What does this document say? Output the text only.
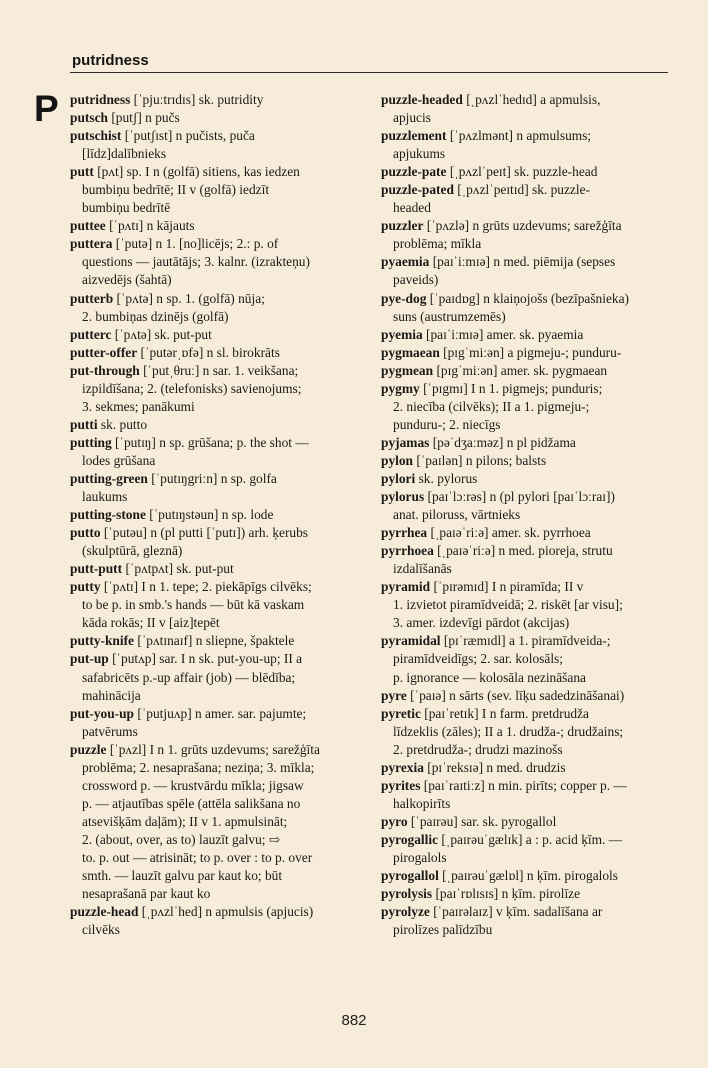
putridness
P putridness [ˈpjuːtrɪdɪs] sk. putridity

putsch [putʃ] n pučs

putschist [ˈputʃɪst] n pučists, puča
[līdz]dalībnieks

putt [pʌt] sp. I n (golfā) sitiens, kas iedzen
bumbiņu bedrītē; II v (golfā) iedzīt
bumbiņu bedrītē

puttee [ˈpʌtɪ] n kājauts

puttera [ˈputə] n 1. [no]licējs; 2.: p. of
questions — jautātājs; 3. kalnr. (izrakteņu)
aizvedējs (šahtā)

putterb [ˈpʌtə] n sp. 1. (golfā) nūja;
2. bumbiņas dzinējs (golfā)

putterc [ˈpʌtə] sk. put-put

putter-offer [ˈputərˌɒfə] n sl. birokrāts

put-through [ˈputˌθruː] n sar. 1. veikšana;
izpildīšana; 2. (telefonisks) savienojums;
3. sekmes; panākumi

putti sk. putto

putting [ˈputɪŋ] n sp. grūšana; p. the shot —
lodes grūšana

putting-green [ˈputɪŋgriːn] n sp. golfa
laukums

putting-stone [ˈputɪŋstəun] n sp. lode

putto [ˈputəu] n (pl putti [ˈputɪ]) arh. ķerubs
(skulptūrā, gleznā)

putt-putt [ˈpʌtpʌt] sk. put-put

putty [ˈpʌtɪ] I n 1. tepe; 2. piekāpīgs cilvēks;
to be p. in smb.'s hands — būt kā vaskam
kāda rokās; II v [aiz]tepēt

putty-knife [ˈpʌtɪnaɪf] n sliepne, špaktele

put-up [ˈputʌp] sar. I n sk. put-you-up; II a
safabricēts p.-up affair (job) — blēdība;
mahinācija

put-you-up [ˈputjuʌp] n amer. sar. pajumte;
patvērums

puzzle [ˈpʌzl] I n 1. grūts uzdevums; sarežģīta
problēma; 2. nesaprašana; neziņa; 3. mīkla;
crossword p. — krustvārdu mīkla; jigsaw
p. — atjautības spēle (attēla salikšana no
atsevišķām daļām); II v 1. apmulsināt;
2. (about, over, as to) lauzīt galvu; ⇨
to. p. out — atrisināt; to p. over : to p. over
smth. — lauzīt galvu par kaut ko; būt
nesaprašanā par kaut ko

puzzle-head [ˌpʌzlˈhed] n apmulsis (apjucis)
cilvēks

puzzle-headed [ˌpʌzlˈhedɪd] a apmulsis,
apjucis

puzzlement [ˈpʌzlmənt] n apmulsums;
apjukums

puzzle-pate [ˌpʌzlˈpeɪt] sk. puzzle-head

puzzle-pated [ˌpʌzlˈpeɪtɪd] sk. puzzle-
headed

puzzler [ˈpʌzlə] n grūts uzdevums; sarežģīta
problēma; mīkla

pyaemia [paɪˈiːmɪə] n med. piēmija (sepses
paveids)

pye-dog [ˈpaɪdɒg] n klaiņojošs (bezīpašnieka)
suns (austrumzemēs)

pyemia [paɪˈiːmɪə] amer. sk. pyaemia

pygmaean [pɪgˈmiːən] a pigmeju-; punduru-

pygmean [pɪgˈmiːən] amer. sk. pygmaean

pygmy [ˈpɪgmɪ] I n 1. pigmejs; punduris;
2. niecība (cilvēks); II a 1. pigmeju-;
punduru-; 2. niecīgs

pyjamas [pəˈdʒaːməz] n pl pidžama

pylon [ˈpaɪlən] n pilons; balsts

pylori sk. pylorus

pylorus [paɪˈlɔːrəs] n (pl pylori [paɪˈlɔːraɪ])
anat. piloruss, vārtnieks

pyrrhea [ˌpaɪəˈriːə] amer. sk. pyrrhoea

pyrrhoea [ˌpaɪəˈriːə] n med. pioreja, strutu
izdalīšanās

pyramid [ˈpɪrəmɪd] I n piramīda; II v
1. izvietot piramīdveidā; 2. riskēt [ar visu];
3. amer. izdevīgi pārdot (akcijas)

pyramidal [pɪˈræmɪdl] a 1. piramīdveida-;
piramīdveidīgs; 2. sar. kolosāls;
p. ignorance — kolosāla nezināšana

pyre [ˈpaɪə] n sārts (sev. līķu sadedzināšanai)

pyretic [paɪˈretɪk] I n farm. pretdrudža
līdzeklis (zāles); II a 1. drudža-; drudžains;
2. pretdrudža-; drudzi mazinošs

pyrexia [pɪˈreksɪə] n med. drudzis

pyrites [paɪˈraɪtiːz] n min. pirīts; copper p. —
halkopirīts

pyro [ˈpaɪrəu] sar. sk. pyrogallol

pyrogallic [ˌpaɪrəuˈgælɪk] a : p. acid ķīm. —
pirogalols

pyrogallol [ˌpaɪrəuˈgælɒl] n ķīm. pirogalols

pyrolysis [paɪˈrɒlɪsɪs] n ķīm. pirolīze

pyrolyze [ˈpaɪrəlaɪz] v ķīm. sadalīšana ar
pirolīzes palīdzību

882
